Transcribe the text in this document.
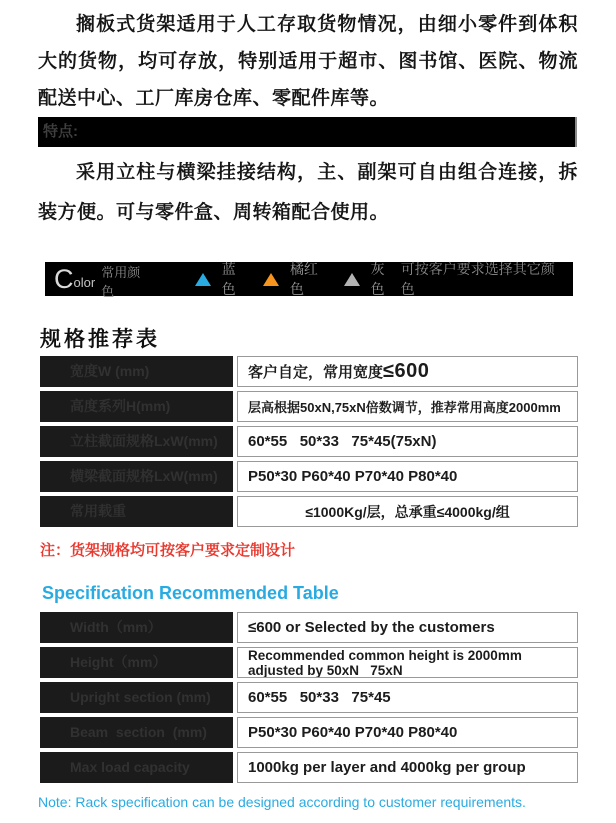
搁板式货架适用于人工存取货物情况，由细小零件到体积大的货物，均可存放，特别适用于超市、图书馆、医院、物流配送中心、工厂库房仓库、零配件库等。

特点:

采用立柱与横梁挂接结构，主、副架可自由组合连接，拆装方便。可与零件盒、周转箱配合使用。

C olor
常用颜色
蓝色
橘红色
灰色
可按客户要求选择其它颜色
规格推荐表
宽度W (mm)	客户自定，常用宽度 ≤600
高度系列H(mm)	层高根据50xN,75xN倍数调节，推荐常用高度2000mm
立柱截面规格LxW(mm)	60*55   50*33   75*45(75xN)
横梁截面规格LxW(mm)	P50*30 P60*40 P70*40 P80*40
常用载重	≤1000Kg/层，总承重≤4000kg/组

注：货架规格均可按客户要求定制设计

Specification Recommended Table
Width（mm）	≤600 or Selected by the customers
Height（mm）	Recommended common height is 2000mm
adjusted by 50xN   75xN
Upright section (mm)	60*55   50*33   75*45
Beam  section  (mm)	P50*30 P60*40 P70*40 P80*40
Max load capacity	1000kg per layer and 4000kg per group

Note: Rack specification can be designed according to customer requirements.
